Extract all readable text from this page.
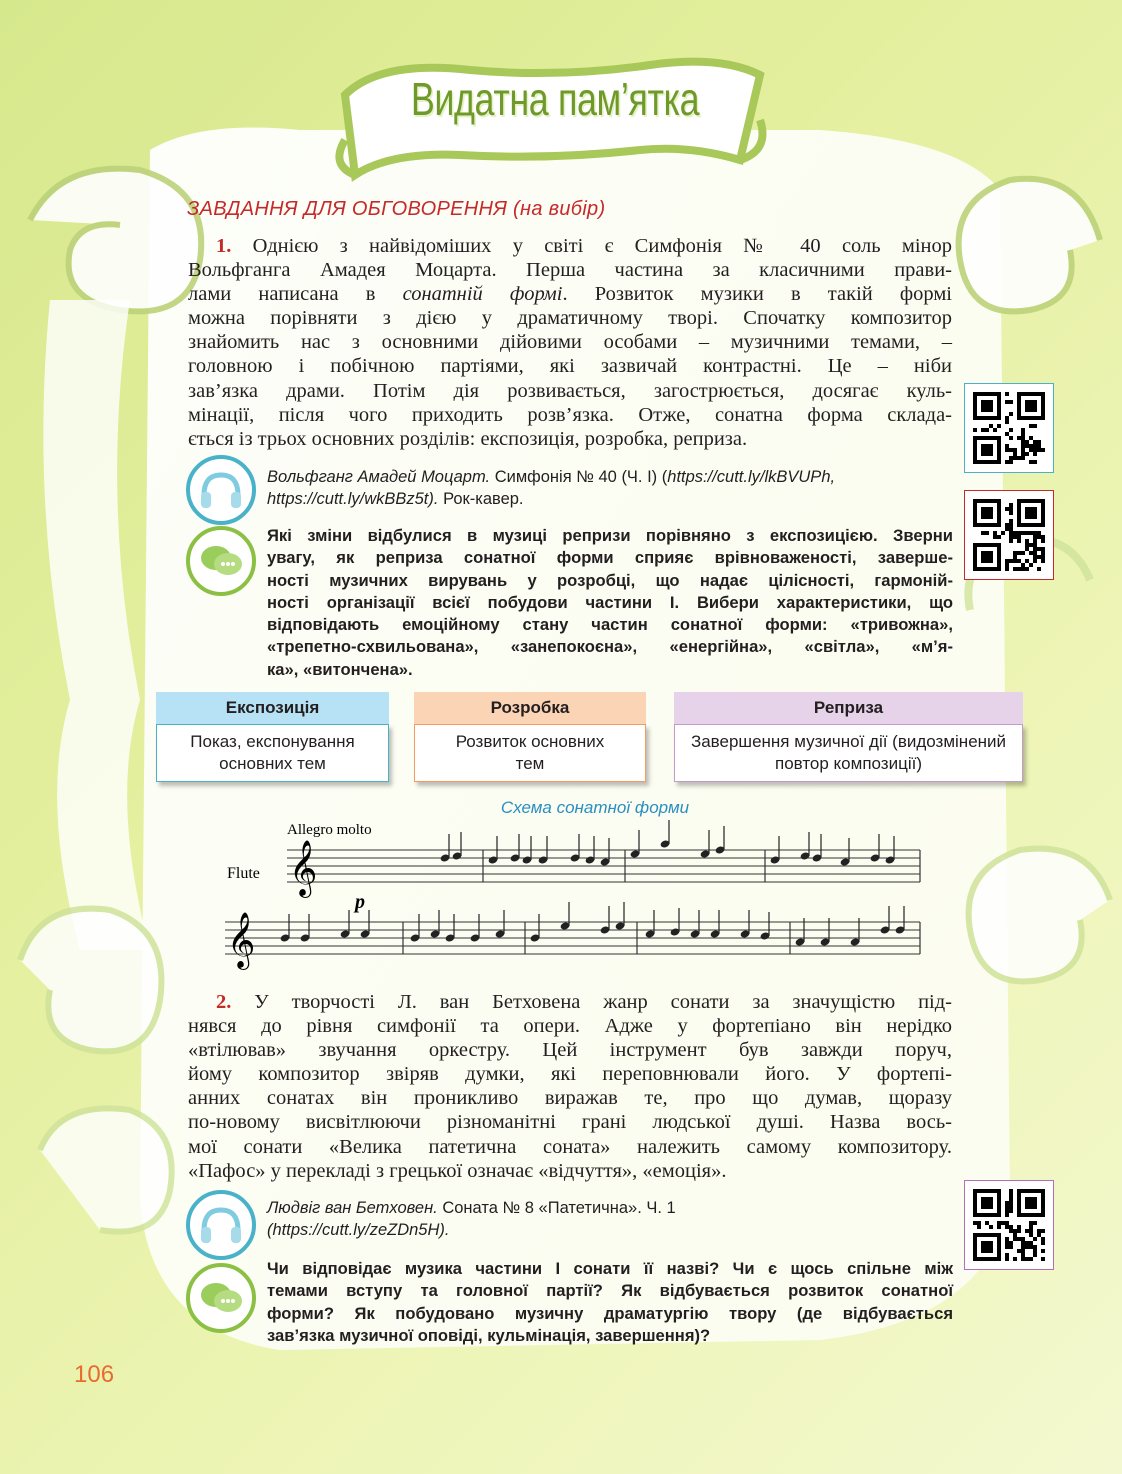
Видатна пам’ятка
ЗАВДАННЯ ДЛЯ ОБГОВОРЕННЯ (на вибір)
1. Однією з найвідоміших у світі є Симфонія № 40 соль мінор
Вольфганга Амадея Моцарта. Перша частина за класичними прави-
лами написана в сонатній формі. Розвиток музики в такій формі
можна порівняти з дією у драматичному творі. Спочатку композитор
знайомить нас з основними дійовими особами – музичними темами, –
головною і побічною партіями, які зазвичай контрастні. Це – ніби
зав’язка драми. Потім дія розвивається, загострюється, досягає куль-
мінації, після чого приходить розв’язка. Отже, сонатна форма склада-
ється із трьох основних розділів: експозиція, розробка, реприза.
Вольфганг Амадей Моцарт. Симфонія № 40 (Ч. І) (https://cutt.ly/lkBVUPh,
https://cutt.ly/wkBBz5t). Рок-кавер.
Які зміни відбулися в музиці репризи порівняно з експозицією. Зверни
увагу, як реприза сонатної форми сприяє врівноваженості, заверше-
ності музичних вирувань у розробці, що надає цілісності, гармоній-
ності організації всієї побудови частини І. Вибери характеристики, що
відповідають емоційному стану частин сонатної форми: «тривожна»,
«трепетно-схвильована», «занепокоєна», «енергійна», «світла», «м’я-
ка», «витончена».
Експозиція
Показ, експонування основних тем
Розробка
Розвиток основних тем
Реприза
Завершення музичної дії (видозмінений повтор композиції)
Схема сонатної форми
Allegro molto
Flute
p
𝄞
𝄞
2. У творчості Л. ван Бетховена жанр сонати за значущістю під-
нявся до рівня симфонії та опери. Адже у фортепіано він нерідко
«втілював» звучання оркестру. Цей інструмент був завжди поруч,
йому композитор звіряв думки, які переповнювали його. У фортепі-
анних сонатах він проникливо виражав те, про що думав, щоразу
по-новому висвітлюючи різноманітні грані людської душі. Назва вось-
мої сонати «Велика патетична соната» належить самому композитору.
«Пафос» у перекладі з грецької означає «відчуття», «емоція».
Людвіг ван Бетховен. Соната № 8 «Патетична». Ч. 1
(https://cutt.ly/zeZDn5H).
Чи відповідає музика частини І сонати її назві? Чи є щось спільне між
темами вступу та головної партії? Як відбувається розвиток сонатної
форми? Як побудовано музичну драматургію твору (де відбувається
зав’язка музичної оповіді, кульмінація, завершення)?
106
